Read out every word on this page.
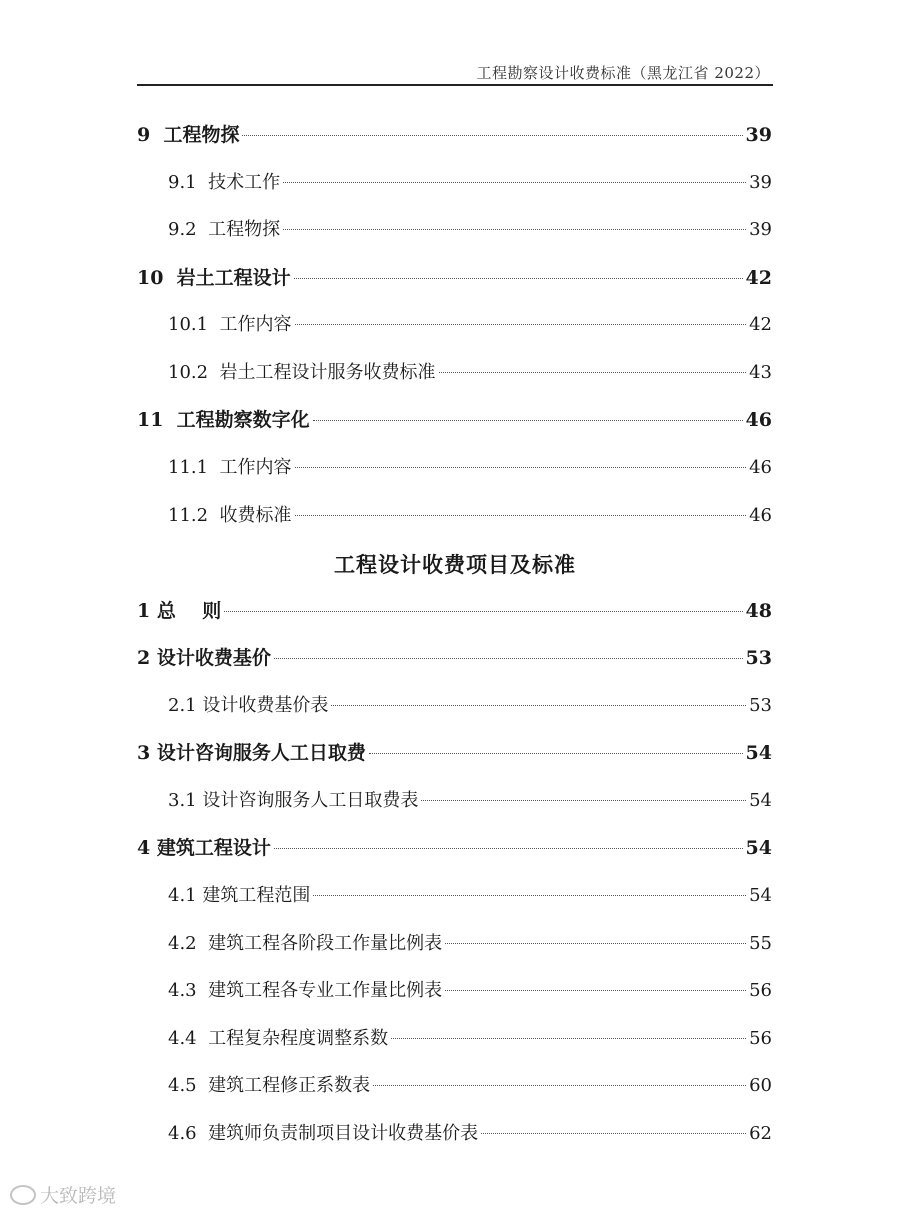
工程勘察设计收费标准（黑龙江省 2022）
9  工程物探	39
9.1  技术工作	39
9.2  工程物探	39
10  岩土工程设计	42
10.1  工作内容	42
10.2  岩土工程设计服务收费标准	43
11  工程勘察数字化	46
11.1  工作内容	46
11.2  收费标准	46
工程设计收费项目及标准
1 总    则	48
2 设计收费基价	53
2.1 设计收费基价表	53
3 设计咨询服务人工日取费	54
3.1 设计咨询服务人工日取费表	54
4 建筑工程设计	54
4.1 建筑工程范围	54
4.2  建筑工程各阶段工作量比例表	55
4.3  建筑工程各专业工作量比例表	56
4.4  工程复杂程度调整系数	56
4.5  建筑工程修正系数表	60
4.6  建筑师负责制项目设计收费基价表	62
大致跨境
